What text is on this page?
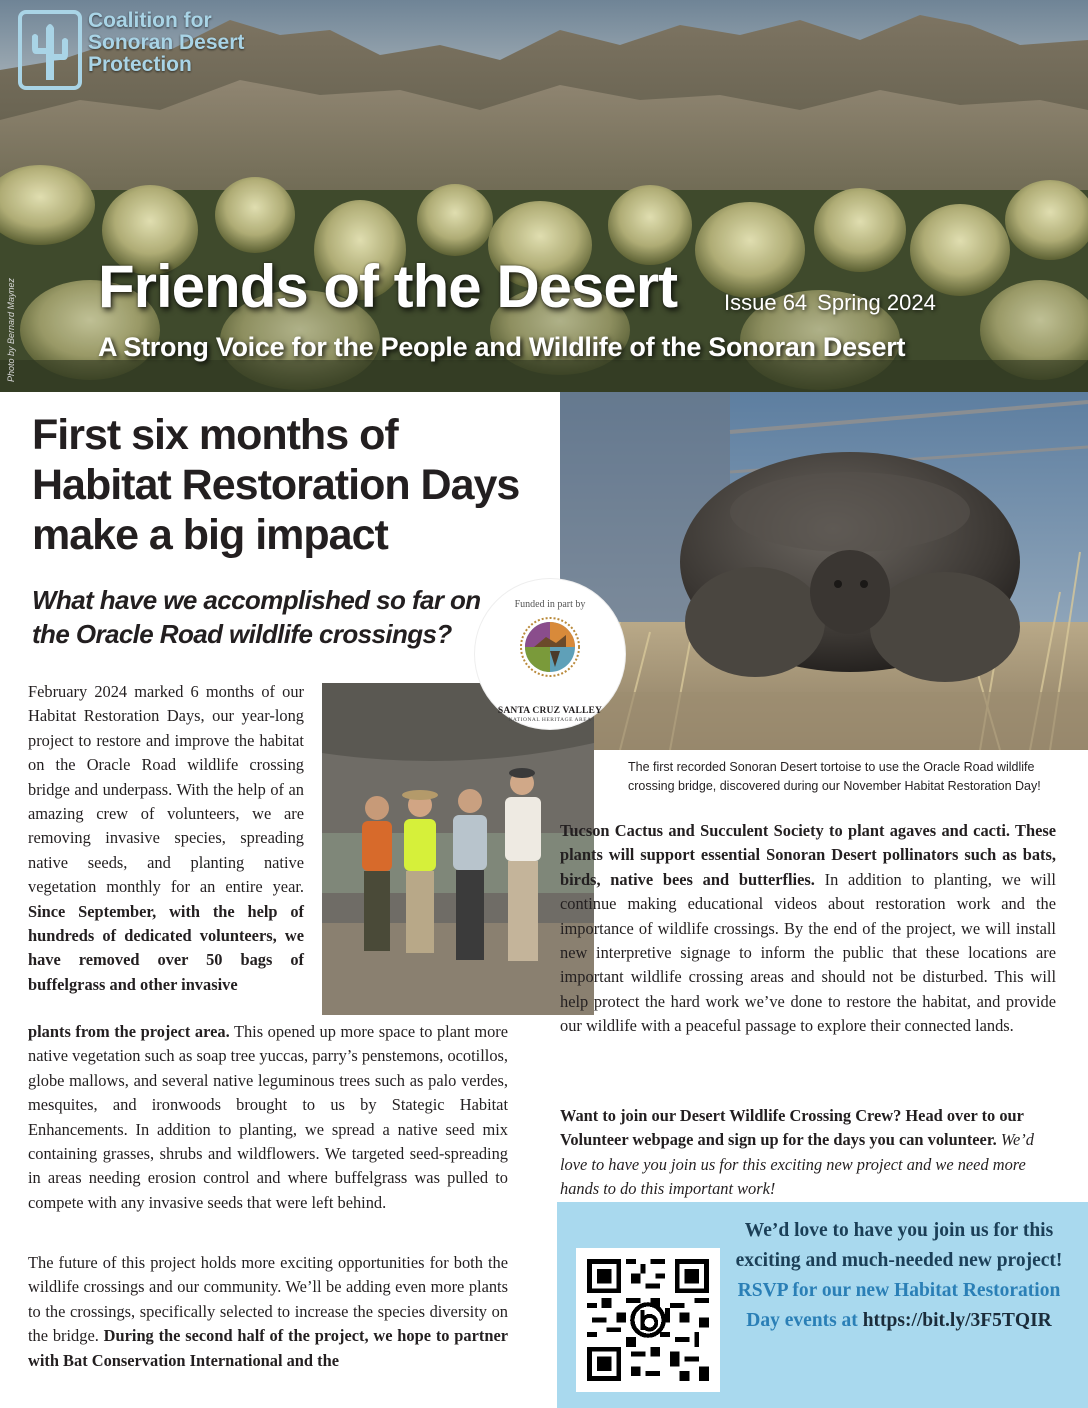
Coalition for
Sonoran Desert
Protection
Friends of the Desert Issue 64 Spring 2024
A Strong Voice for the People and Wildlife of the Sonoran Desert
Photo by Bernard Maynez
First six months of
Habitat Restoration Days
make a big impact
What have we accomplished so far on
the Oracle Road wildlife crossings?
The first recorded Sonoran Desert tortoise to use the Oracle Road wildlife crossing bridge, discovered during our November Habitat Restoration Day!
Funded in part by
SANTA CRUZ VALLEY
NATIONAL HERITAGE AREA

February 2024 marked 6 months of our Habitat Restoration Days, our year-long project to restore and improve the habitat on the Oracle Road wildlife crossing bridge and underpass. With the help of an amazing crew of volunteers, we are removing invasive species, spreading native seeds, and planting native vegetation monthly for an entire year. Since September, with the help of hundreds of dedicated volunteers, we have removed over 50 bags of buffelgrass and other invasive

plants from the project area. This opened up more space to plant more native vegetation such as soap tree yuccas, parry’s penstemons, ocotillos, globe mallows, and several native leguminous trees such as palo verdes, mesquites, and ironwoods brought to us by Stategic Habitat Enhancements. In addition to planting, we spread a native seed mix containing grasses, shrubs and wildflowers. We targeted seed-spreading in areas needing erosion control and where buffelgrass was pulled to compete with any invasive seeds that were left behind.

The future of this project holds more exciting opportunities for both the wildlife crossings and our community. We’ll be adding even more plants to the crossings, specifically selected to increase the species diversity on the bridge. During the second half of the project, we hope to partner with Bat Conservation International and the

Tucson Cactus and Succulent Society to plant agaves and cacti. These plants will support essential Sonoran Desert pollinators such as bats, birds, native bees and butterflies. In addition to planting, we will continue making educational videos about restoration work and the importance of wildlife crossings. By the end of the project, we will install new interpretive signage to inform the public that these locations are important wildlife crossing areas and should not be disturbed. This will help protect the hard work we’ve done to restore the habitat, and provide our wildlife with a peaceful passage to explore their connected lands.

Want to join our Desert Wildlife Crossing Crew? Head over to our Volunteer webpage and sign up for the days you can volunteer. We’d love to have you join us for this exciting new project and we need more hands to do this important work!

We’d love to have you join us for this exciting and much-needed new project! RSVP for our new Habitat Restoration Day events at https://bit.ly/3F5TQIR
